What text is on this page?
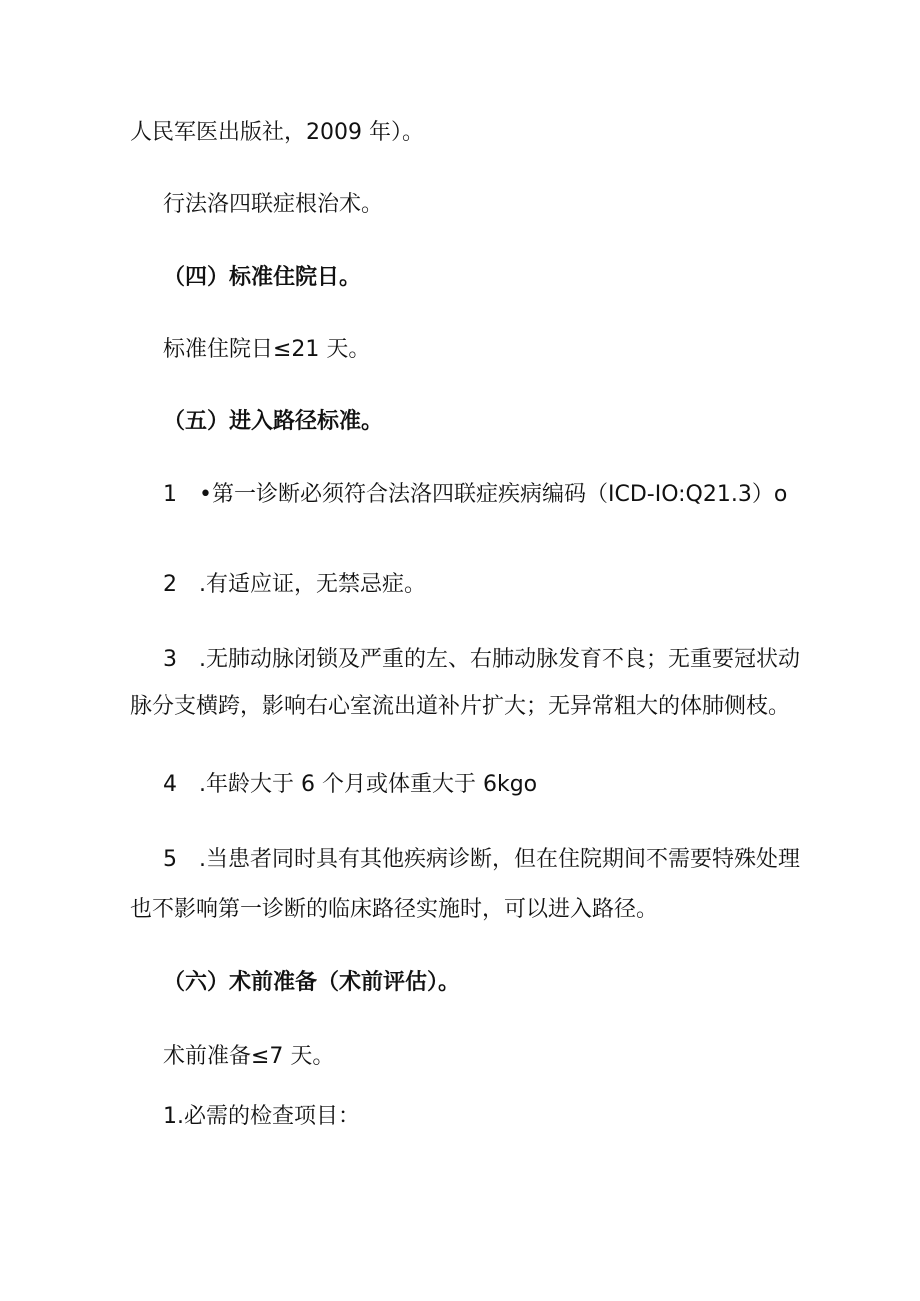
人民军医出版社，2009 年）。
行法洛四联症根治术。
（四）标准住院日。
标准住院日≤21 天。
（五）进入路径标准。
1　•第一诊断必须符合法洛四联症疾病编码（ICD-IO:Q21.3）o
2　.有适应证，无禁忌症。
3　.无肺动脉闭锁及严重的左、右肺动脉发育不良；无重要冠状动
脉分支横跨，影响右心室流出道补片扩大；无异常粗大的体肺侧枝。
4　.年龄大于 6 个月或体重大于 6kgo
5　.当患者同时具有其他疾病诊断，但在住院期间不需要特殊处理
也不影响第一诊断的临床路径实施时，可以进入路径。
（六）术前准备（术前评估）。
术前准备≤7 天。
1.必需的检查项目：
